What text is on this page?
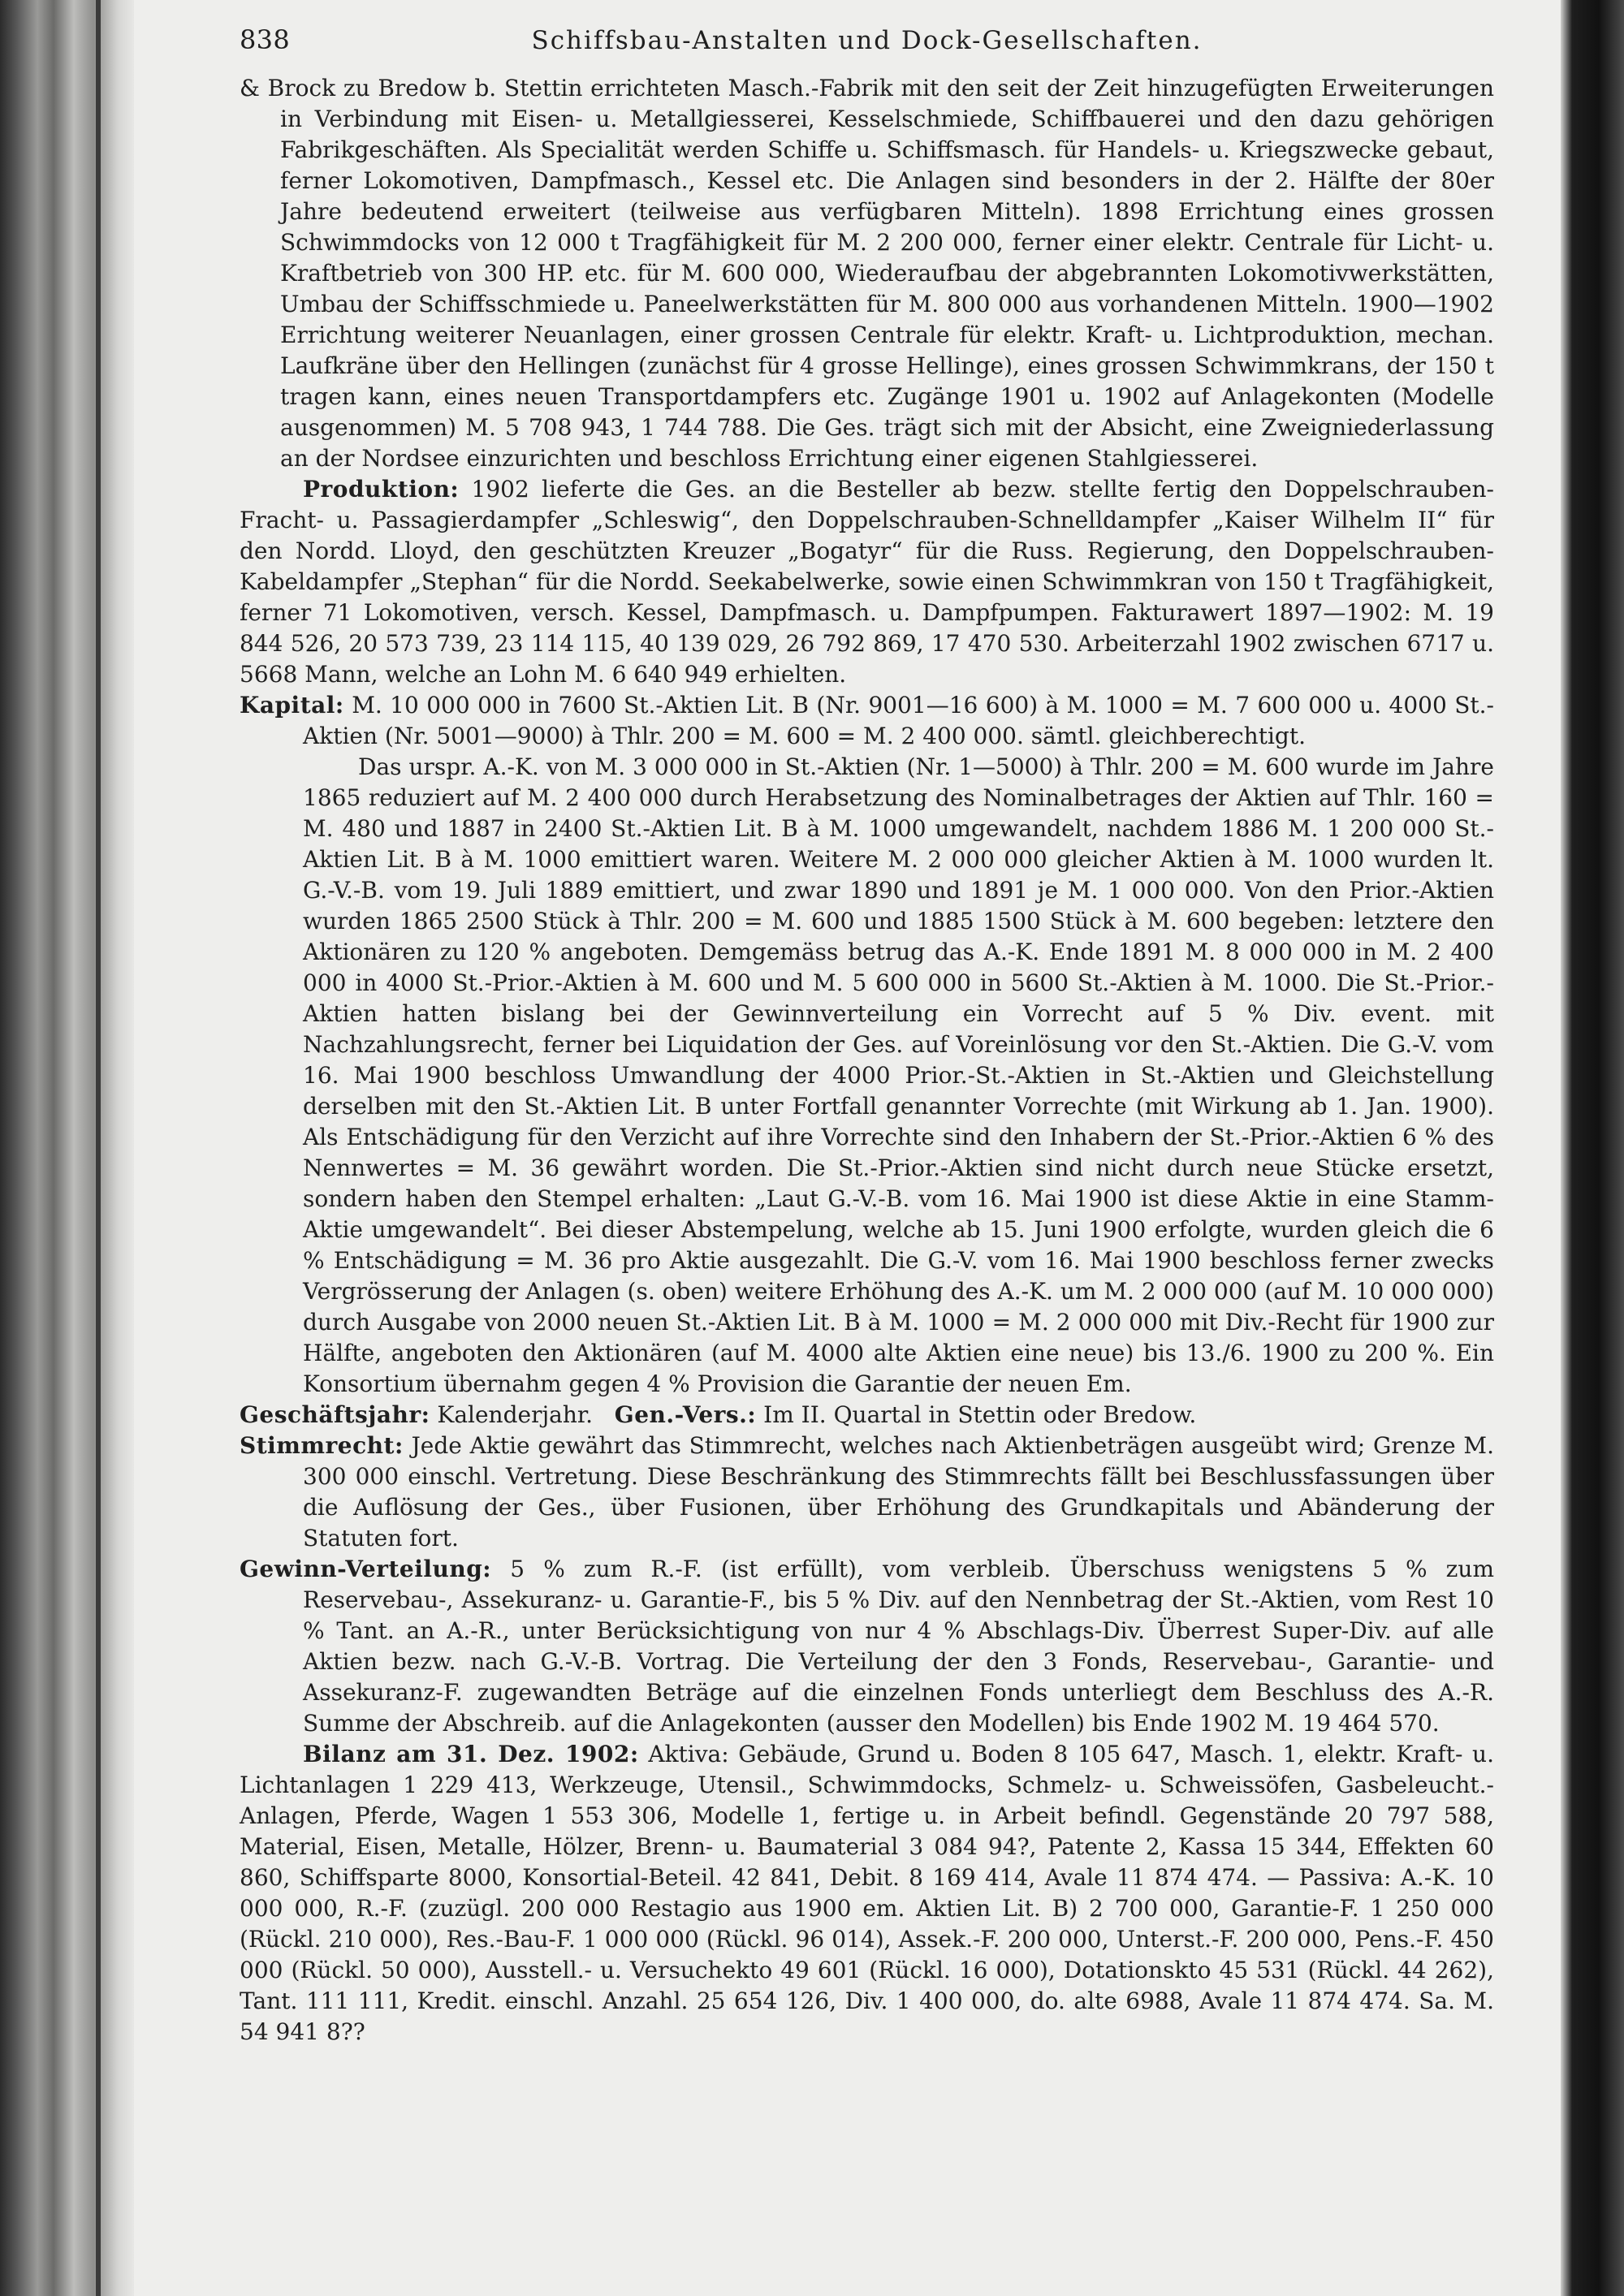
838	Schiffsbau-Anstalten und Dock-Gesellschaften.

& Brock zu Bredow b. Stettin errichteten Masch.-Fabrik mit den seit der Zeit hinzugefügten Erweiterungen in Verbindung mit Eisen- u. Metallgiesserei, Kesselschmiede, Schiffbauerei und den dazu gehörigen Fabrikgeschäften. Als Specialität werden Schiffe u. Schiffsmasch. für Handels- u. Kriegszwecke gebaut, ferner Lokomotiven, Dampfmasch., Kessel etc. Die Anlagen sind besonders in der 2. Hälfte der 80er Jahre bedeutend erweitert (teilweise aus verfügbaren Mitteln). 1898 Errichtung eines grossen Schwimmdocks von 12 000 t Tragfähigkeit für M. 2 200 000, ferner einer elektr. Centrale für Licht- u. Kraftbetrieb von 300 HP. etc. für M. 600 000, Wiederaufbau der abgebrannten Lokomotivwerkstätten, Umbau der Schiffsschmiede u. Paneelwerkstätten für M. 800 000 aus vorhandenen Mitteln. 1900—1902 Errichtung weiterer Neuanlagen, einer grossen Centrale für elektr. Kraft- u. Lichtproduktion, mechan. Laufkräne über den Hellingen (zunächst für 4 grosse Hellinge), eines grossen Schwimmkrans, der 150 t tragen kann, eines neuen Transportdampfers etc. Zugänge 1901 u. 1902 auf Anlagekonten (Modelle ausgenommen) M. 5 708 943, 1 744 788. Die Ges. trägt sich mit der Absicht, eine Zweigniederlassung an der Nordsee einzurichten und beschloss Errichtung einer eigenen Stahlgiesserei.

Produktion: 1902 lieferte die Ges. an die Besteller ab bezw. stellte fertig den Doppelschrauben-Fracht- u. Passagierdampfer „Schleswig“, den Doppelschrauben-Schnelldampfer „Kaiser Wilhelm II“ für den Nordd. Lloyd, den geschützten Kreuzer „Bogatyr“ für die Russ. Regierung, den Doppelschrauben-Kabeldampfer „Stephan“ für die Nordd. Seekabelwerke, sowie einen Schwimmkran von 150 t Tragfähigkeit, ferner 71 Lokomotiven, versch. Kessel, Dampfmasch. u. Dampfpumpen. Fakturawert 1897—1902: M. 19 844 526, 20 573 739, 23 114 115, 40 139 029, 26 792 869, 17 470 530. Arbeiterzahl 1902 zwischen 6717 u. 5668 Mann, welche an Lohn M. 6 640 949 erhielten.

Kapital: M. 10 000 000 in 7600 St.-Aktien Lit. B (Nr. 9001—16 600) à M. 1000 = M. 7 600 000 u. 4000 St.-Aktien (Nr. 5001—9000) à Thlr. 200 = M. 600 = M. 2 400 000. sämtl. gleichberechtigt.

Das urspr. A.-K. von M. 3 000 000 in St.-Aktien (Nr. 1—5000) à Thlr. 200 = M. 600 wurde im Jahre 1865 reduziert auf M. 2 400 000 durch Herabsetzung des Nominalbetrages der Aktien auf Thlr. 160 = M. 480 und 1887 in 2400 St.-Aktien Lit. B à M. 1000 umgewandelt, nachdem 1886 M. 1 200 000 St.-Aktien Lit. B à M. 1000 emittiert waren. Weitere M. 2 000 000 gleicher Aktien à M. 1000 wurden lt. G.-V.-B. vom 19. Juli 1889 emittiert, und zwar 1890 und 1891 je M. 1 000 000. Von den Prior.-Aktien wurden 1865 2500 Stück à Thlr. 200 = M. 600 und 1885 1500 Stück à M. 600 begeben: letztere den Aktionären zu 120 % angeboten. Demgemäss betrug das A.-K. Ende 1891 M. 8 000 000 in M. 2 400 000 in 4000 St.-Prior.-Aktien à M. 600 und M. 5 600 000 in 5600 St.-Aktien à M. 1000. Die St.-Prior.-Aktien hatten bislang bei der Gewinnverteilung ein Vorrecht auf 5 % Div. event. mit Nachzahlungsrecht, ferner bei Liquidation der Ges. auf Voreinlösung vor den St.-Aktien. Die G.-V. vom 16. Mai 1900 beschloss Umwandlung der 4000 Prior.-St.-Aktien in St.-Aktien und Gleichstellung derselben mit den St.-Aktien Lit. B unter Fortfall genannter Vorrechte (mit Wirkung ab 1. Jan. 1900). Als Entschädigung für den Verzicht auf ihre Vorrechte sind den Inhabern der St.-Prior.-Aktien 6 % des Nennwertes = M. 36 gewährt worden. Die St.-Prior.-Aktien sind nicht durch neue Stücke ersetzt, sondern haben den Stempel erhalten: „Laut G.-V.-B. vom 16. Mai 1900 ist diese Aktie in eine Stamm-Aktie umgewandelt“. Bei dieser Abstempelung, welche ab 15. Juni 1900 erfolgte, wurden gleich die 6 % Entschädigung = M. 36 pro Aktie ausgezahlt. Die G.-V. vom 16. Mai 1900 beschloss ferner zwecks Vergrösserung der Anlagen (s. oben) weitere Erhöhung des A.-K. um M. 2 000 000 (auf M. 10 000 000) durch Ausgabe von 2000 neuen St.-Aktien Lit. B à M. 1000 = M. 2 000 000 mit Div.-Recht für 1900 zur Hälfte, angeboten den Aktionären (auf M. 4000 alte Aktien eine neue) bis 13./6. 1900 zu 200 %. Ein Konsortium übernahm gegen 4 % Provision die Garantie der neuen Em.

Geschäftsjahr: Kalenderjahr. Gen.-Vers.: Im II. Quartal in Stettin oder Bredow.

Stimmrecht: Jede Aktie gewährt das Stimmrecht, welches nach Aktienbeträgen ausgeübt wird; Grenze M. 300 000 einschl. Vertretung. Diese Beschränkung des Stimmrechts fällt bei Beschlussfassungen über die Auflösung der Ges., über Fusionen, über Erhöhung des Grundkapitals und Abänderung der Statuten fort.

Gewinn-Verteilung: 5 % zum R.-F. (ist erfüllt), vom verbleib. Überschuss wenigstens 5 % zum Reservebau-, Assekuranz- u. Garantie-F., bis 5 % Div. auf den Nennbetrag der St.-Aktien, vom Rest 10 % Tant. an A.-R., unter Berücksichtigung von nur 4 % Abschlags-Div. Überrest Super-Div. auf alle Aktien bezw. nach G.-V.-B. Vortrag. Die Verteilung der den 3 Fonds, Reservebau-, Garantie- und Assekuranz-F. zugewandten Beträge auf die einzelnen Fonds unterliegt dem Beschluss des A.-R. Summe der Abschreib. auf die Anlagekonten (ausser den Modellen) bis Ende 1902 M. 19 464 570.

Bilanz am 31. Dez. 1902: Aktiva: Gebäude, Grund u. Boden 8 105 647, Masch. 1, elektr. Kraft- u. Lichtanlagen 1 229 413, Werkzeuge, Utensil., Schwimmdocks, Schmelz- u. Schweissöfen, Gasbeleucht.-Anlagen, Pferde, Wagen 1 553 306, Modelle 1, fertige u. in Arbeit befindl. Gegenstände 20 797 588, Material, Eisen, Metalle, Hölzer, Brenn- u. Baumaterial 3 084 94?, Patente 2, Kassa 15 344, Effekten 60 860, Schiffsparte 8000, Konsortial-Beteil. 42 841, Debit. 8 169 414, Avale 11 874 474. — Passiva: A.-K. 10 000 000, R.-F. (zuzügl. 200 000 Restagio aus 1900 em. Aktien Lit. B) 2 700 000, Garantie-F. 1 250 000 (Rückl. 210 000), Res.-Bau-F. 1 000 000 (Rückl. 96 014), Assek.-F. 200 000, Unterst.-F. 200 000, Pens.-F. 450 000 (Rückl. 50 000), Ausstell.- u. Versuchekto 49 601 (Rückl. 16 000), Dotationskto 45 531 (Rückl. 44 262), Tant. 111 111, Kredit. einschl. Anzahl. 25 654 126, Div. 1 400 000, do. alte 6988, Avale 11 874 474. Sa. M. 54 941 8??
